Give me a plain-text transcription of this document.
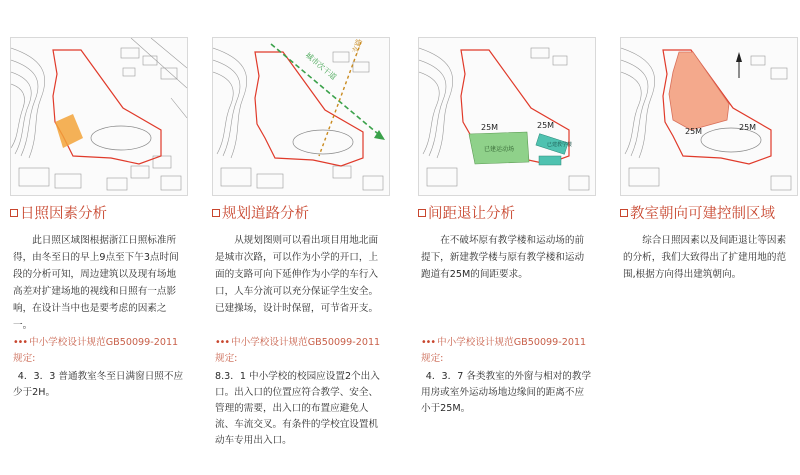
日照因素分析

此日照区域图根据浙江日照标准所得，由冬至日的早上9点至下午3点时间段的分析可知，周边建筑以及现有场地高差对扩建场地的视线和日照有一点影响，在设计当中也是要考虑的因素之一。

••• 中小学校设计规范GB50099-2011规定:

4．3．3 普通教室冬至日满窗日照不应少于2H。

城市次干道
支路
规划道路分析

从规划图则可以看出项目用地北面是城市次路，可以作为小学的开口，上面的支路可向下延伸作为小学的车行入口，人车分流可以充分保证学生安全。已建操场，设计时保留，可节省开支。

••• 中小学校设计规范GB50099-2011规定:

8.3．1 中小学校的校园应设置2个出入口。出入口的位置应符合教学、安全、管理的需要，出入口的布置应避免人流、车流交叉。有条件的学校宜设置机动车专用出入口。

已建运动场
已建教学楼
25M	25M
间距退让分析

在不破坏原有教学楼和运动场的前提下，新建教学楼与原有教学楼和运动跑道有25M的间距要求。

••• 中小学校设计规范GB50099-2011规定:

4．3．7 各类教室的外窗与相对的教学用房或室外运动场地边缘间的距离不应小于25M。

25M	25M
教室朝向可建控制区域

综合日照因素以及间距退让等因素的分析，我们大致得出了扩建用地的范围,根据方向得出建筑朝向。
